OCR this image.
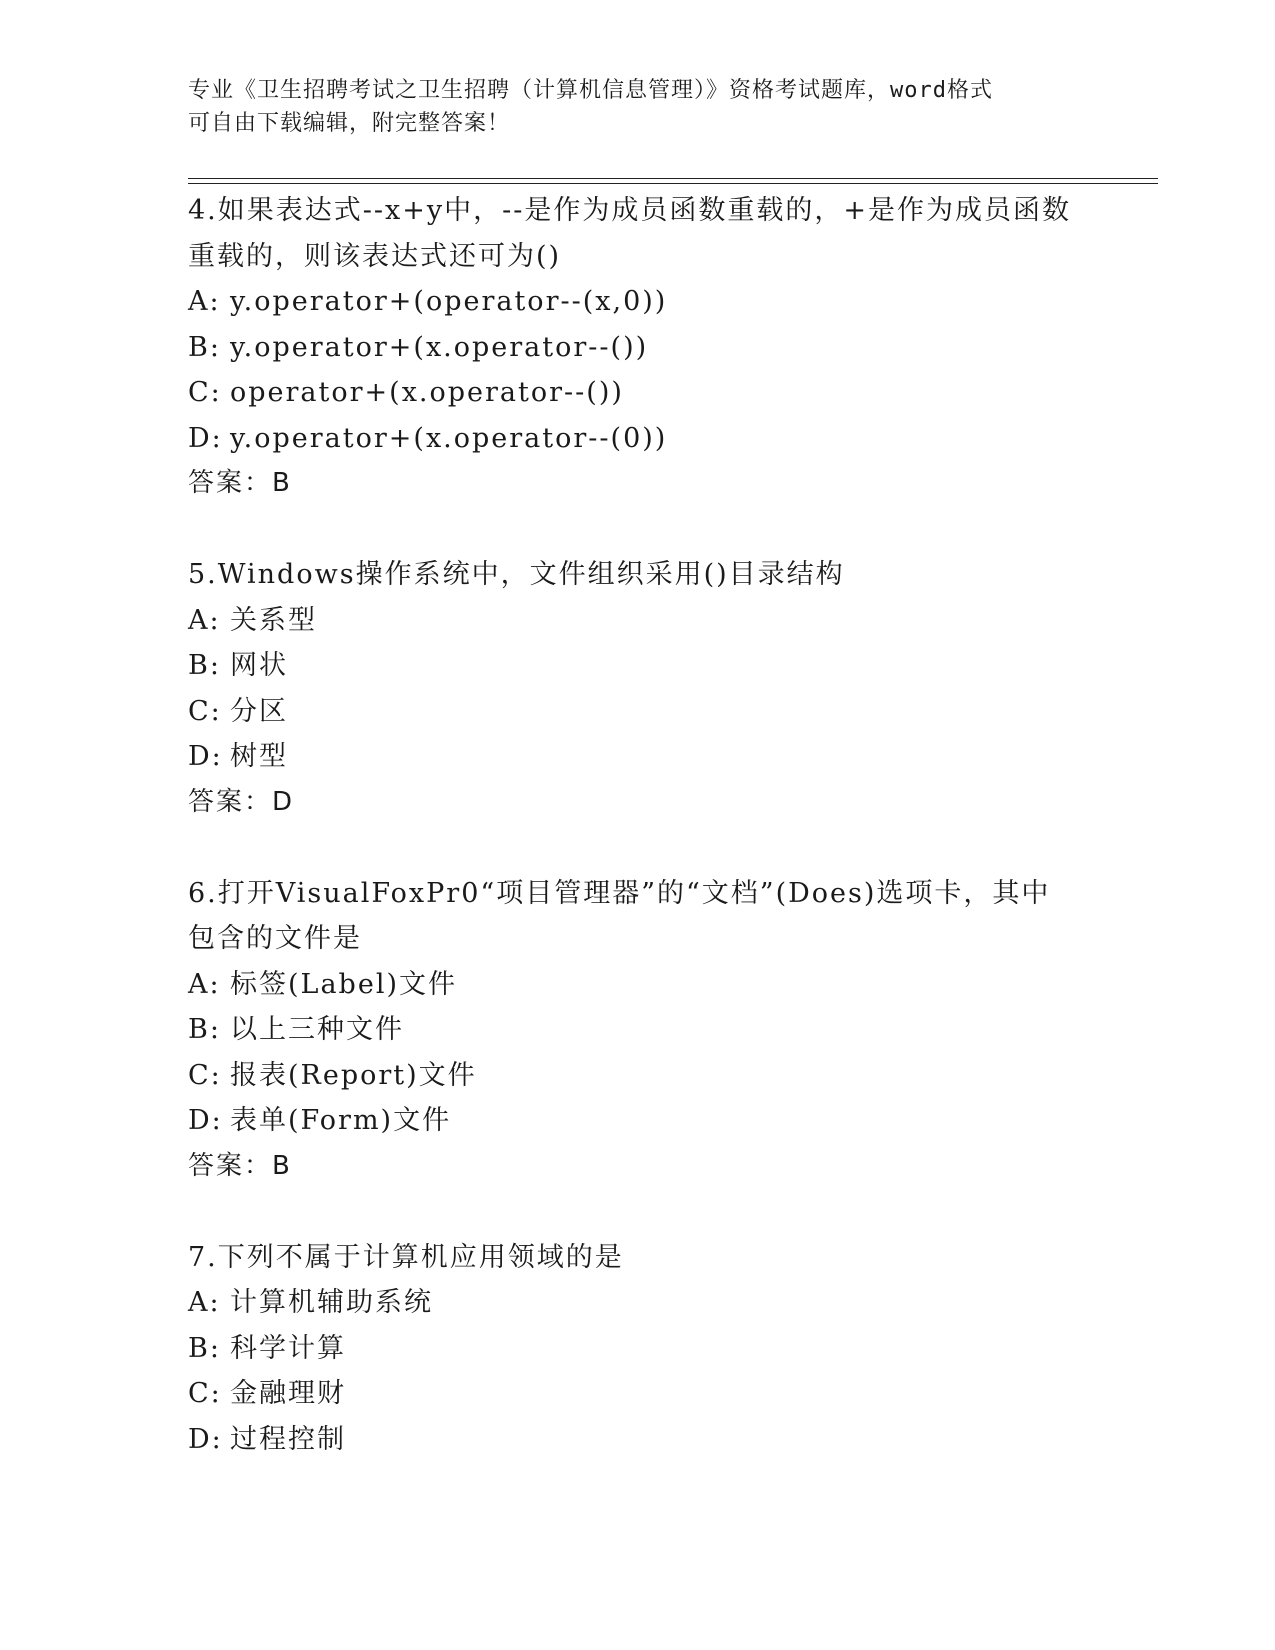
专业《卫生招聘考试之卫生招聘（计算机信息管理）》资格考试题库，word格式
可自由下载编辑，附完整答案！

4.如果表达式--x+y中，--是作为成员函数重载的，+是作为成员函数

重载的，则该表达式还可为()

A: y.operator+(operator--(x,0))

B: y.operator+(x.operator--())

C: operator+(x.operator--())

D: y.operator+(x.operator--(0))

答案：B

5.Windows操作系统中，文件组织采用()目录结构

A: 关系型

B: 网状

C: 分区

D: 树型

答案：D

6.打开VisualFoxPr0“项目管理器”的“文档”(Does)选项卡，其中

包含的文件是

A: 标签(Label)文件

B: 以上三种文件

C: 报表(Report)文件

D: 表单(Form)文件

答案：B

7.下列不属于计算机应用领域的是

A: 计算机辅助系统

B: 科学计算

C: 金融理财

D: 过程控制
